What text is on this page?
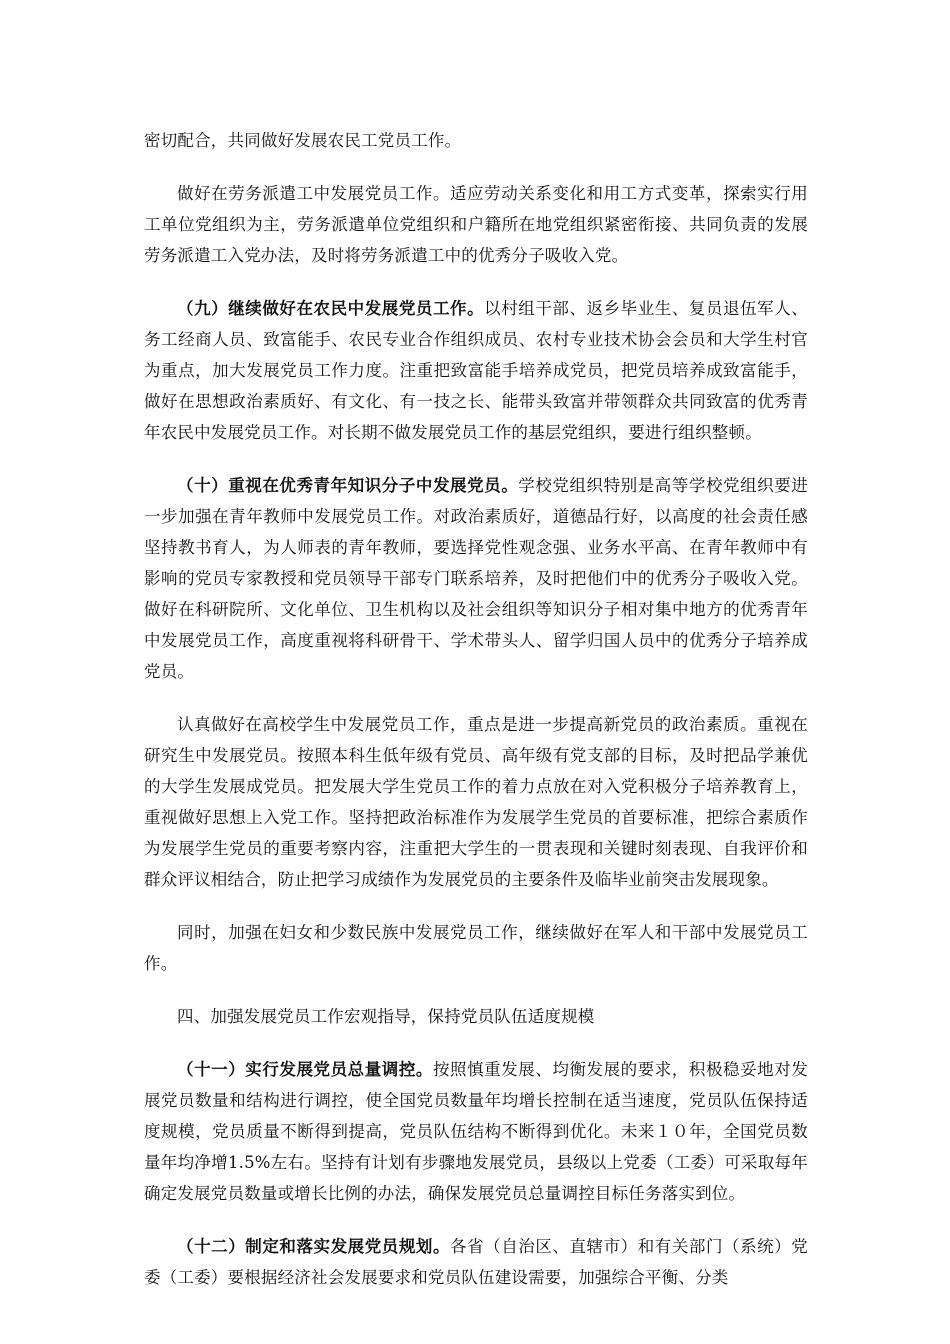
密切配合，共同做好发展农民工党员工作。

做好在劳务派遣工中发展党员工作。适应劳动关系变化和用工方式变革，探索实行用工单位党组织为主，劳务派遣单位党组织和户籍所在地党组织紧密衔接、共同负责的发展劳务派遣工入党办法，及时将劳务派遣工中的优秀分子吸收入党。

（九）继续做好在农民中发展党员工作。以村组干部、返乡毕业生、复员退伍军人、务工经商人员、致富能手、农民专业合作组织成员、农村专业技术协会会员和大学生村官为重点，加大发展党员工作力度。注重把致富能手培养成党员，把党员培养成致富能手，做好在思想政治素质好、有文化、有一技之长、能带头致富并带领群众共同致富的优秀青年农民中发展党员工作。对长期不做发展党员工作的基层党组织，要进行组织整顿。

（十）重视在优秀青年知识分子中发展党员。学校党组织特别是高等学校党组织要进一步加强在青年教师中发展党员工作。对政治素质好，道德品行好，以高度的社会责任感坚持教书育人，为人师表的青年教师，要选择党性观念强、业务水平高、在青年教师中有影响的党员专家教授和党员领导干部专门联系培养，及时把他们中的优秀分子吸收入党。做好在科研院所、文化单位、卫生机构以及社会组织等知识分子相对集中地方的优秀青年中发展党员工作，高度重视将科研骨干、学术带头人、留学归国人员中的优秀分子培养成党员。

认真做好在高校学生中发展党员工作，重点是进一步提高新党员的政治素质。重视在研究生中发展党员。按照本科生低年级有党员、高年级有党支部的目标，及时把品学兼优的大学生发展成党员。把发展大学生党员工作的着力点放在对入党积极分子培养教育上，重视做好思想上入党工作。坚持把政治标准作为发展学生党员的首要标准，把综合素质作为发展学生党员的重要考察内容，注重把大学生的一贯表现和关键时刻表现、自我评价和群众评议相结合，防止把学习成绩作为发展党员的主要条件及临毕业前突击发展现象。

同时，加强在妇女和少数民族中发展党员工作，继续做好在军人和干部中发展党员工作。

四、加强发展党员工作宏观指导，保持党员队伍适度规模

（十一）实行发展党员总量调控。按照慎重发展、均衡发展的要求，积极稳妥地对发展党员数量和结构进行调控，使全国党员数量年均增长控制在适当速度，党员队伍保持适度规模，党员质量不断得到提高，党员队伍结构不断得到优化。未来１０年，全国党员数量年均净增1.5%左右。坚持有计划有步骤地发展党员，县级以上党委（工委）可采取每年确定发展党员数量或增长比例的办法，确保发展党员总量调控目标任务落实到位。

（十二）制定和落实发展党员规划。各省（自治区、直辖市）和有关部门（系统）党委（工委）要根据经济社会发展要求和党员队伍建设需要，加强综合平衡、分类
